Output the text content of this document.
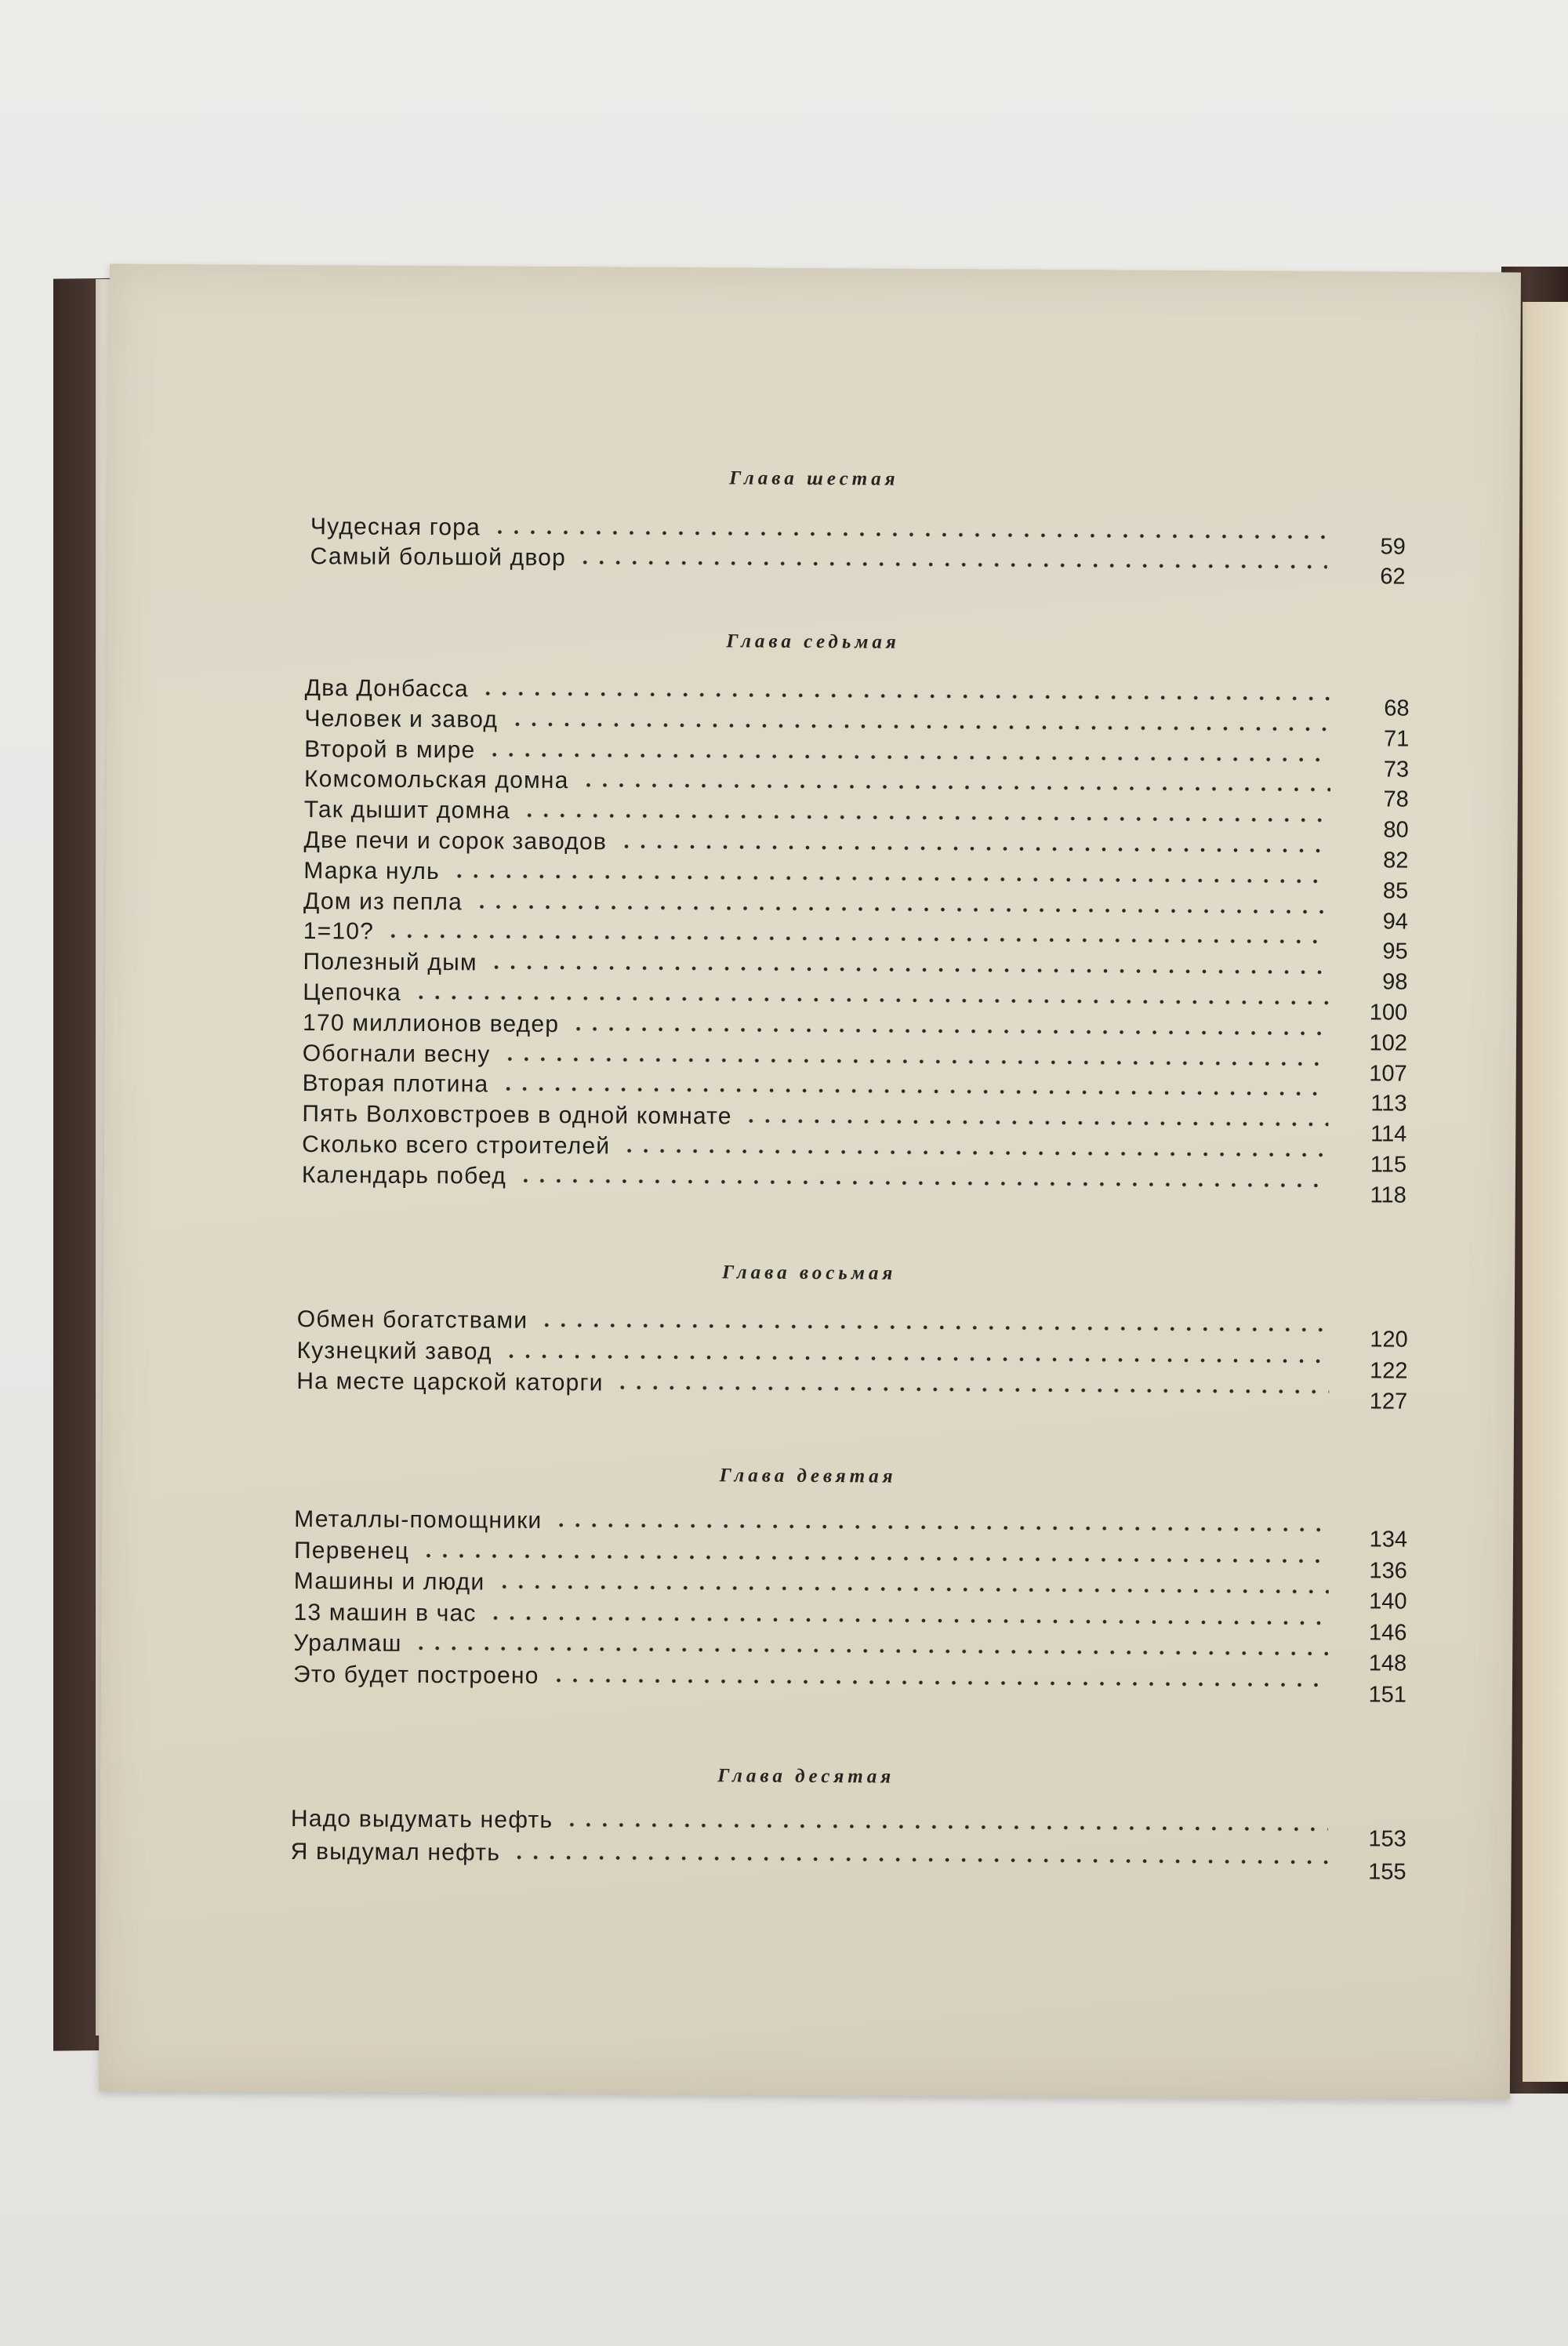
Глава шестая
Чудесная гора
59
Самый большой двор
62
Глава седьмая
Два Донбасса
68
Человек и завод
71
Второй в мире
73
Комсомольская домна
78
Так дышит домна
80
Две печи и сорок заводов
82
Марка нуль
85
Дом из пепла
94
1=10?
95
Полезный дым
98
Цепочка
100
170 миллионов ведер
102
Обогнали весну
107
Вторая плотина
113
Пять Волховстроев в одной комнате
114
Сколько всего строителей
115
Календарь побед
118
Глава восьмая
Обмен богатствами
120
Кузнецкий завод
122
На месте царской каторги
127
Глава девятая
Металлы-помощники
134
Первенец
136
Машины и люди
140
13 машин в час
146
Уралмаш
148
Это будет построено
151
Глава десятая
Надо выдумать нефть
153
Я выдумал нефть
155
